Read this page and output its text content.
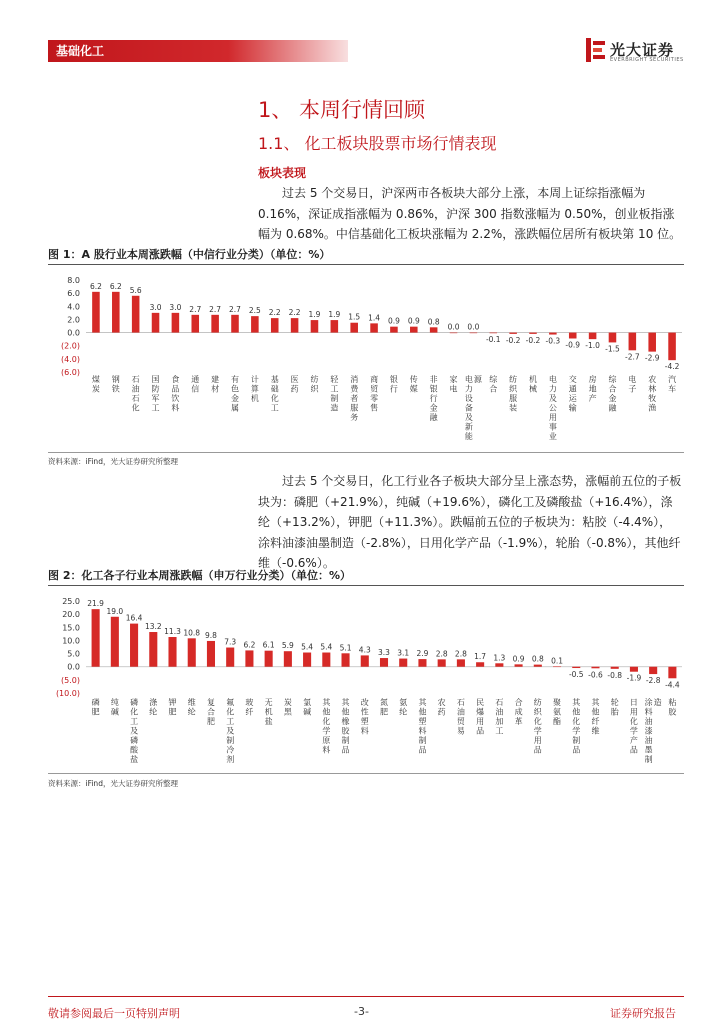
基础化工	光大证券
EVERBRIGHT SECURITIES
1、 本周行情回顾
1.1、 化工板块股票市场行情表现
板块表现
过去 5 个交易日，沪深两市各板块大部分上涨，本周上证综指涨幅为 0.16%，深证成指涨幅为 0.86%，沪深 300 指数涨幅为 0.50%，创业板指涨幅为 0.68%。中信基础化工板块涨幅为 2.2%，涨跌幅位居所有板块第 10 位。
图 1：A 股行业本周涨跌幅（中信行业分类）（单位：%）
8.0
6.0
4.0
2.0
0.0
(2.0)
(4.0)
(6.0)
6.2
煤
炭
6.2
钢
铁
5.6
石
油
石
化
3.0
国
防
军
工
3.0
食
品
饮
料
2.7
通
信
2.7
建
材
2.7
有
色
金
属
2.5
计
算
机
2.2
基
础
化
工
2.2
医
药
1.9
纺
织
1.9
轻
工
制
造
1.5
消
费
者
服
务
1.4
商
贸
零
售
0.9
银
行
0.9
传
媒
0.8
非
银
行
金
融
0.0
家
电
0.0
电
力
设
备
及
新
能
源
-0.1
综
合
-0.2
纺
织
服
装
-0.2
机
械
-0.3
电
力
及
公
用
事
业
-0.9
交
通
运
输
-1.0
房
地
产
-1.5
综
合
金
融
-2.7
电
子
-2.9
农
林
牧
渔
-4.2
汽
车
资料来源：iFind，光大证券研究所整理
过去 5 个交易日，化工行业各子板块大部分呈上涨态势，涨幅前五位的子板块为：磷肥（+21.9%），纯碱（+19.6%），磷化工及磷酸盐（+16.4%），涤纶（+13.2%），钾肥（+11.3%）。跌幅前五位的子板块为：粘胶（-4.4%），涂料油漆油墨制造（-2.8%），日用化学产品（-1.9%），轮胎（-0.8%），其他纤维（-0.6%）。
图 2：化工各子行业本周涨跌幅（申万行业分类）（单位：%）
25.0
20.0
15.0
10.0
5.0
0.0
(5.0)
(10.0)
21.9
磷
肥
19.0
纯
碱
16.4
磷
化
工
及
磷
酸
盐
13.2
涤
纶
11.3
钾
肥
10.8
维
纶
9.8
复
合
肥
7.3
氟
化
工
及
制
冷
剂
6.2
玻
纤
6.1
无
机
盐
5.9
炭
黑
5.4
氯
碱
5.4
其
他
化
学
原
料
5.1
其
他
橡
胶
制
品
4.3
改
性
塑
料
3.3
氮
肥
3.1
氨
纶
2.9
其
他
塑
料
制
品
2.8
农
药
2.8
石
油
贸
易
1.7
民
爆
用
品
1.3
石
油
加
工
0.9
合
成
革
0.8
纺
织
化
学
用
品
0.1
聚
氨
酯
-0.5
其
他
化
学
制
品
-0.6
其
他
纤
维
-0.8
轮
胎
-1.9
日
用
化
学
产
品
-2.8
涂
料
油
漆
油
墨
制
造
-4.4
粘
胶
资料来源：iFind，光大证券研究所整理
敬请参阅最后一页特别声明	-3-	证券研究报告
